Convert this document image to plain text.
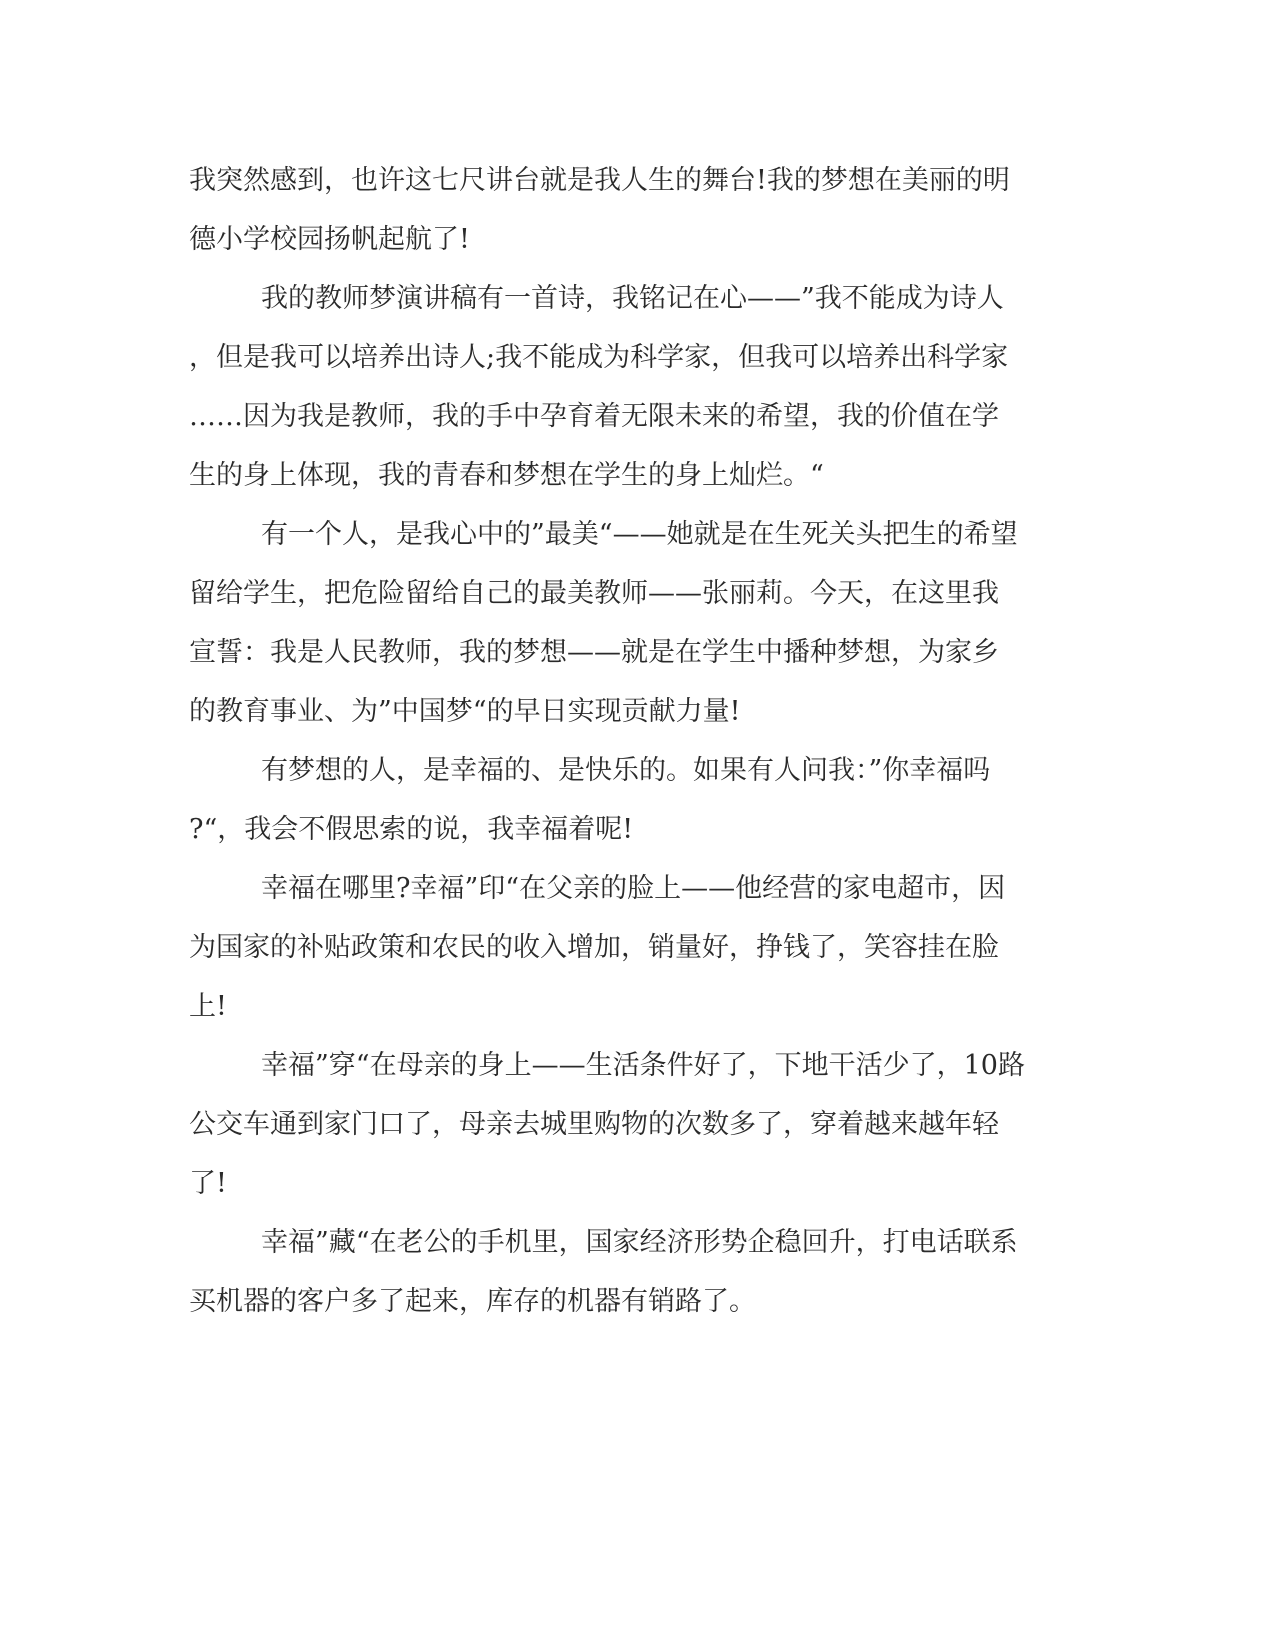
我突然感到，也许这七尺讲台就是我人生的舞台!我的梦想在美丽的明

德小学校园扬帆起航了!

我的教师梦演讲稿有一首诗，我铭记在心——”我不能成为诗人

，但是我可以培养出诗人;我不能成为科学家，但我可以培养出科学家

……因为我是教师，我的手中孕育着无限未来的希望，我的价值在学

生的身上体现，我的青春和梦想在学生的身上灿烂。“

有一个人，是我心中的”最美“——她就是在生死关头把生的希望

留给学生，把危险留给自己的最美教师——张丽莉。今天，在这里我

宣誓：我是人民教师，我的梦想——就是在学生中播种梦想，为家乡

的教育事业、为”中国梦“的早日实现贡献力量!

有梦想的人，是幸福的、是快乐的。如果有人问我：”你幸福吗

?“，我会不假思索的说，我幸福着呢!

幸福在哪里?幸福”印“在父亲的脸上——他经营的家电超市，因

为国家的补贴政策和农民的收入增加，销量好，挣钱了，笑容挂在脸

上!

幸福”穿“在母亲的身上——生活条件好了，下地干活少了，10路

公交车通到家门口了，母亲去城里购物的次数多了，穿着越来越年轻

了!

幸福”藏“在老公的手机里，国家经济形势企稳回升，打电话联系

买机器的客户多了起来，库存的机器有销路了。
